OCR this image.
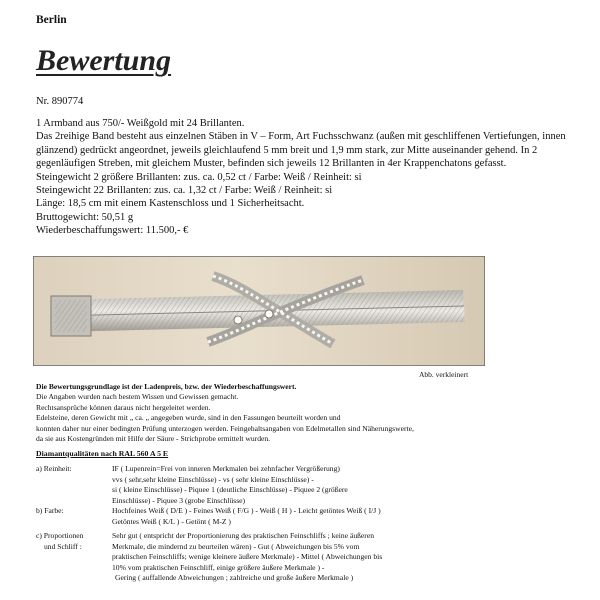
Berlin
Bewertung
Nr. 890774
1 Armband aus 750/- Weißgold mit 24 Brillanten.
Das 2reihige Band besteht aus einzelnen Stäben in V – Form, Art Fuchsschwanz (außen mit geschliffenen Vertiefungen, innen glänzend) gedrückt angeordnet, jeweils gleichlaufend 5 mm breit und 1,9 mm stark, zur Mitte auseinander gehend. In 2 gegenläufigen Streben, mit gleichem Muster, befinden sich jeweils 12 Brillanten in 4er Krappenchatons gefasst.
Steingewicht 2 größere Brillanten: zus. ca. 0,52 ct / Farbe: Weiß / Reinheit: si
Steingewicht 22 Brillanten: zus. ca. 1,32 ct / Farbe: Weiß / Reinheit: si
Länge: 18,5 cm mit einem Kastenschloss und 1 Sicherheitsacht.
Bruttogewicht: 50,51 g
Wiederbeschaffungswert: 11.500,- €
Abb. verkleinert
Die Bewertungsgrundlage ist der Ladenpreis, bzw. der Wiederbeschaffungswert.
Die Angaben wurden nach bestem Wissen und Gewissen gemacht.
Rechtsansprüche können daraus nicht hergeleitet werden.
Edelsteine, deren Gewicht mit „ ca. „ angegeben wurde, sind in den Fassungen beurteilt worden und
konnten daher nur einer bedingten Prüfung unterzogen werden. Feingehaltsangaben von Edelmetallen sind Näherungswerte,
da sie aus Kostengründen mit Hilfe der Säure - Strichprobe ermittelt wurden.
Diamantqualitäten nach RAL 560 A 5 E
a) Reinheit:	IF ( Lupenrein=Frei von inneren Merkmalen bei zehnfacher Vergrößerung)
vvs ( sehr,sehr kleine Einschlüsse) - vs ( sehr kleine Einschlüsse) -
si ( kleine Einschlüsse) - Piquee 1 (deutliche Einschlüsse) - Piquee 2 (größere
Einschlüsse) - Piquee 3 (grobe Einschlüsse)
b) Farbe:	Hochfeines Weiß ( D/E ) - Feines Weiß ( F/G ) - Weiß ( H ) - Leicht getöntes Weiß ( I/J )
Getöntes Weiß ( K/L ) - Getönt ( M-Z )
c) Proportionen
und Schliff :
Sehr gut ( entspricht der Proportionierung des praktischen Feinschliffs ; keine äußeren
Merkmale, die mindernd zu beurteilen wären) - Gut ( Abweichungen bis 5% vom
praktischen Feinschliffs; wenige kleinere äußere Merkmale) - Mittel ( Abweichungen bis
10% vom praktischen Feinschliff, einige größere äußere Merkmale ) -
Gering ( auffallende Abweichungen ; zahlreiche und große äußere Merkmale )
